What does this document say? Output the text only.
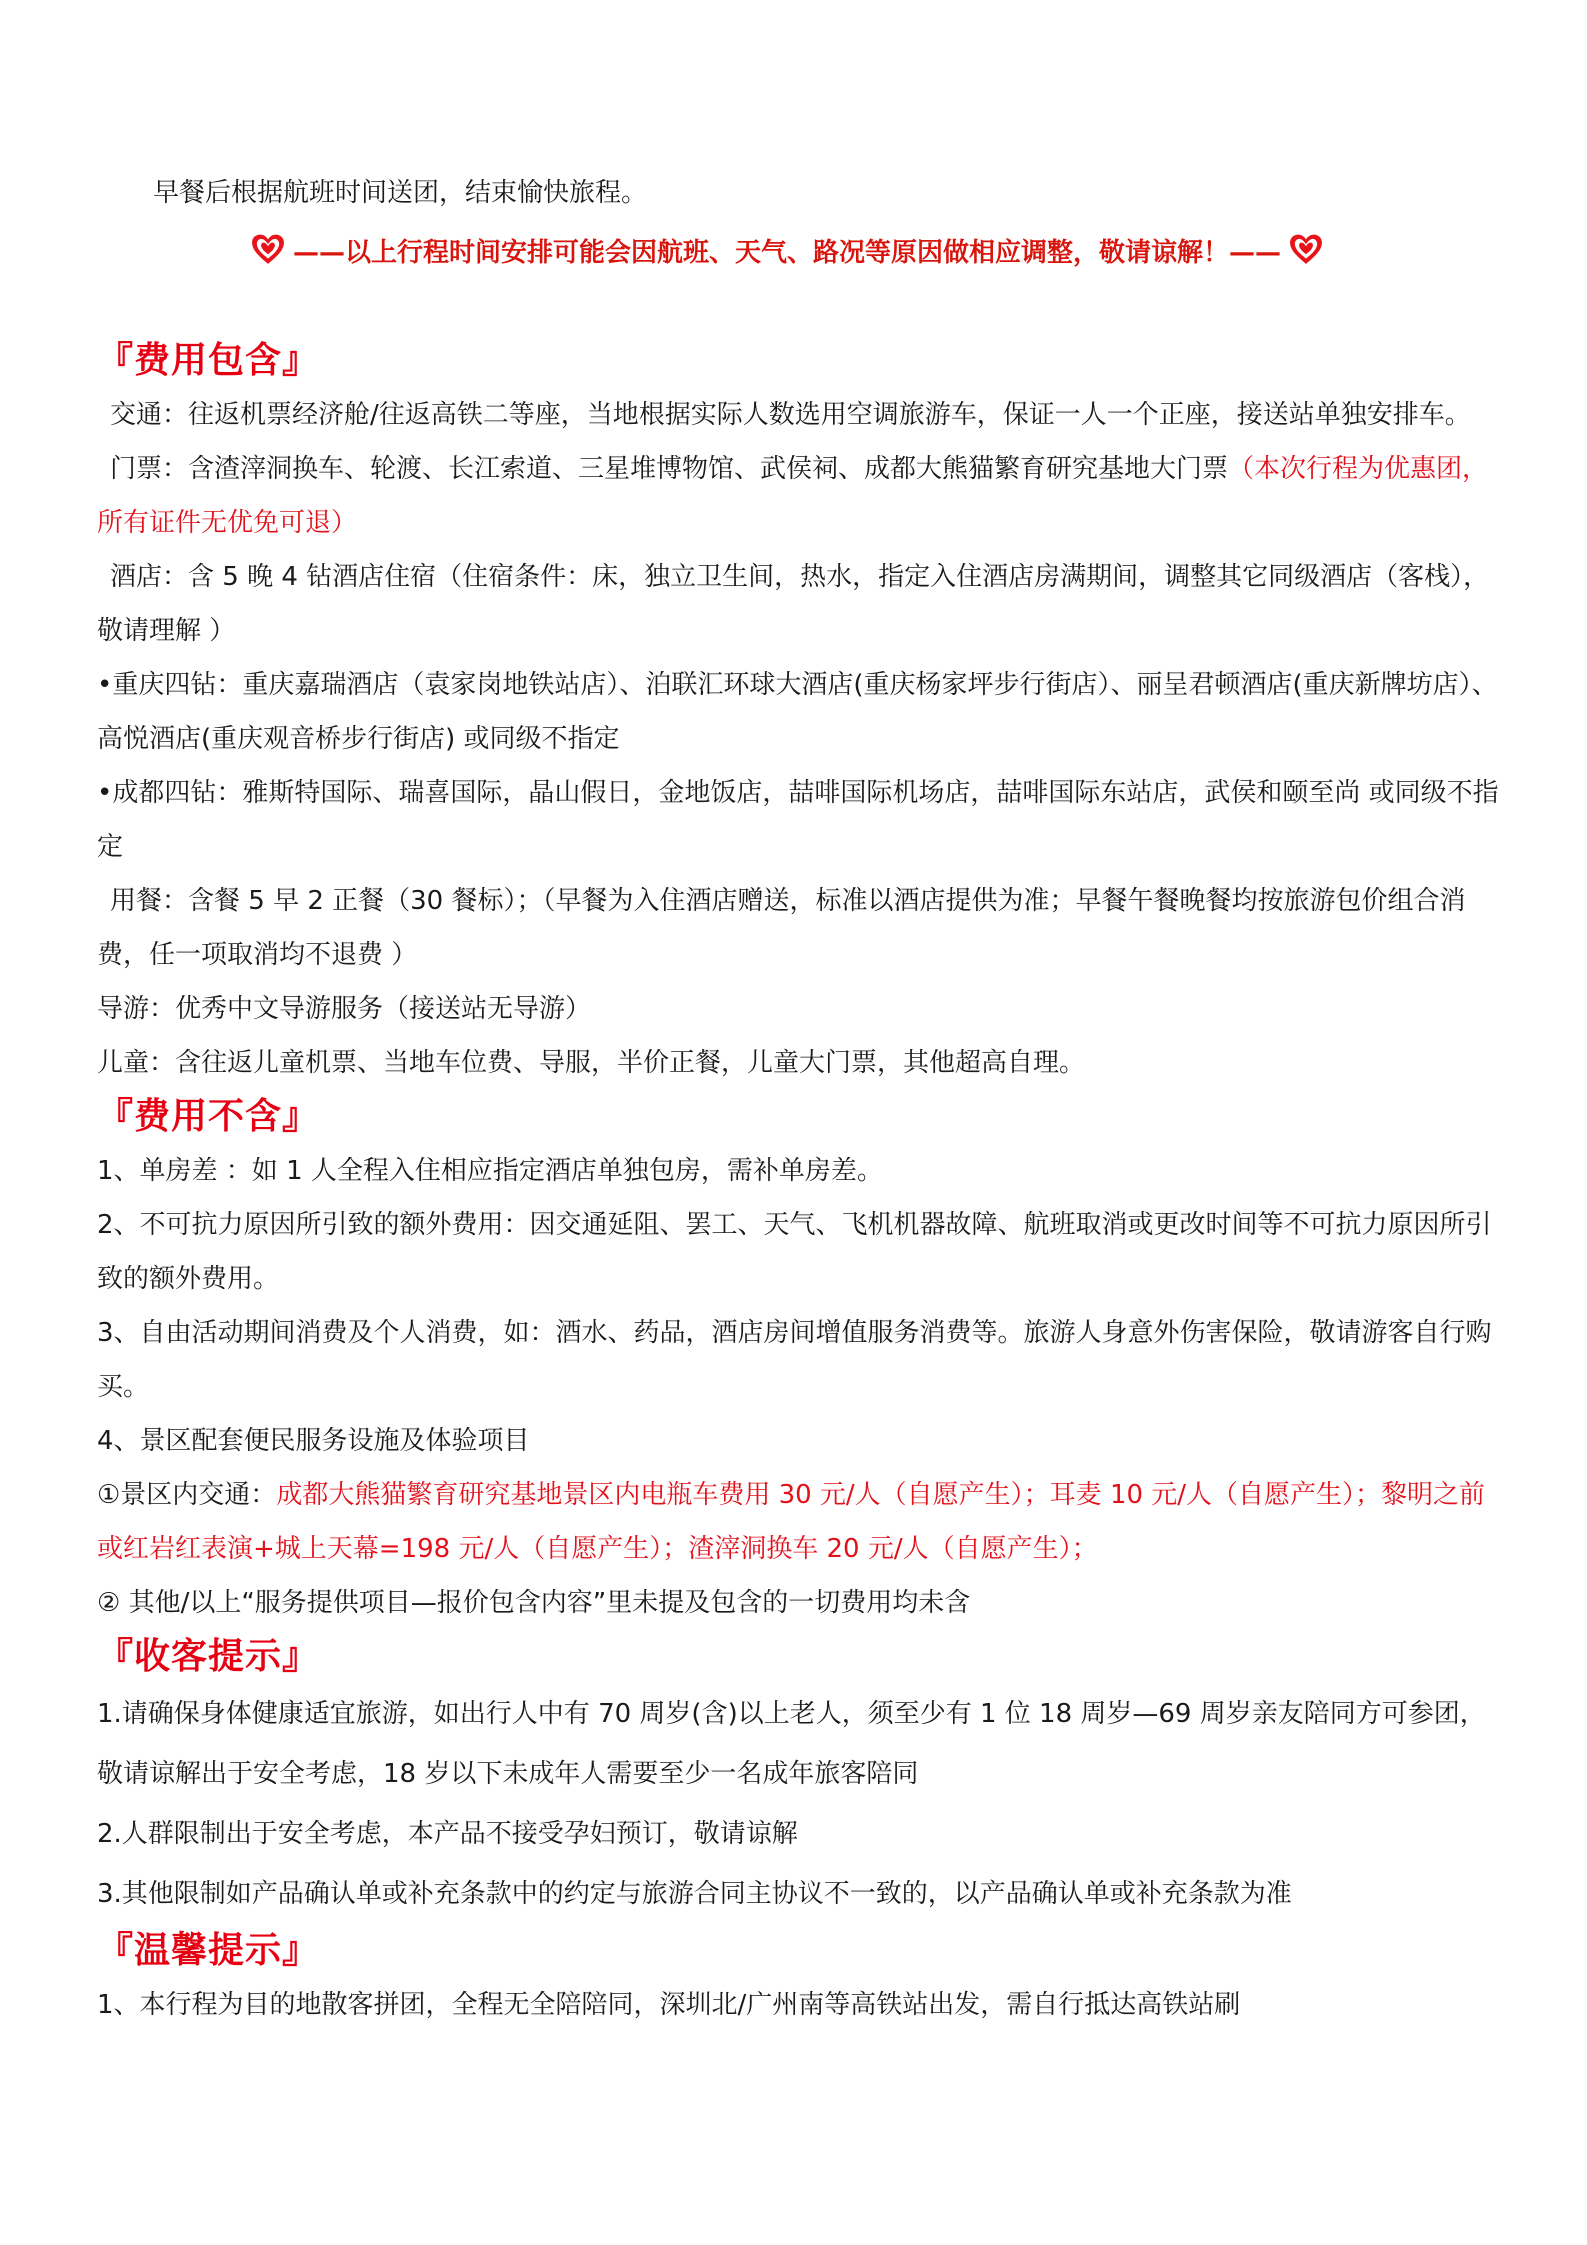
早餐后根据航班时间送团，结束愉快旅程。

——以上行程时间安排可能会因航班、天气、路况等原因做相应调整，敬请谅解！——
『费用包含』

交通：往返机票经济舱/往返高铁二等座，当地根据实际人数选用空调旅游车，保证一人一个正座，接送站单独安排车。

门票：含渣滓洞换车、轮渡、长江索道、三星堆博物馆、武侯祠、成都大熊猫繁育研究基地大门票（本次行程为优惠团，所有证件无优免可退）

酒店：含 5 晚 4 钻酒店住宿（住宿条件：床，独立卫生间，热水，指定入住酒店房满期间，调整其它同级酒店（客栈），敬请理解 ）

•重庆四钻：重庆嘉瑞酒店（袁家岗地铁站店）、泊联汇环球大酒店(重庆杨家坪步行街店）、丽呈君顿酒店(重庆新牌坊店）、高悦酒店(重庆观音桥步行街店) 或同级不指定

•成都四钻：雅斯特国际、瑞喜国际，晶山假日，金地饭店，喆啡国际机场店，喆啡国际东站店，武侯和颐至尚 或同级不指定

用餐：含餐 5 早 2 正餐（30 餐标）；（早餐为入住酒店赠送，标准以酒店提供为准；早餐午餐晚餐均按旅游包价组合消费，任一项取消均不退费 ）

导游：优秀中文导游服务（接送站无导游）

儿童：含往返儿童机票、当地车位费、导服，半价正餐，儿童大门票，其他超高自理。

『费用不含』

1、单房差 ：如 1 人全程入住相应指定酒店单独包房，需补单房差。

2、不可抗力原因所引致的额外费用：因交通延阻、罢工、天气、飞机机器故障、航班取消或更改时间等不可抗力原因所引致的额外费用。

3、自由活动期间消费及个人消费，如：酒水、药品，酒店房间增值服务消费等。旅游人身意外伤害保险，敬请游客自行购买。

4、景区配套便民服务设施及体验项目

①景区内交通：成都大熊猫繁育研究基地景区内电瓶车费用 30 元/人（自愿产生）；耳麦 10 元/人（自愿产生）；黎明之前或红岩红表演+城上天幕=198 元/人（自愿产生）；渣滓洞换车 20 元/人（自愿产生）；

② 其他/以上“服务提供项目—报价包含内容”里未提及包含的一切费用均未含

『收客提示』

1.请确保身体健康适宜旅游，如出行人中有 70 周岁(含)以上老人，须至少有 1 位 18 周岁—69 周岁亲友陪同方可参团，敬请谅解出于安全考虑，18 岁以下未成年人需要至少一名成年旅客陪同

2.人群限制出于安全考虑，本产品不接受孕妇预订，敬请谅解

3.其他限制如产品确认单或补充条款中的约定与旅游合同主协议不一致的，以产品确认单或补充条款为准

『温馨提示』

1、本行程为目的地散客拼团，全程无全陪陪同，深圳北/广州南等高铁站出发，需自行抵达高铁站刷
